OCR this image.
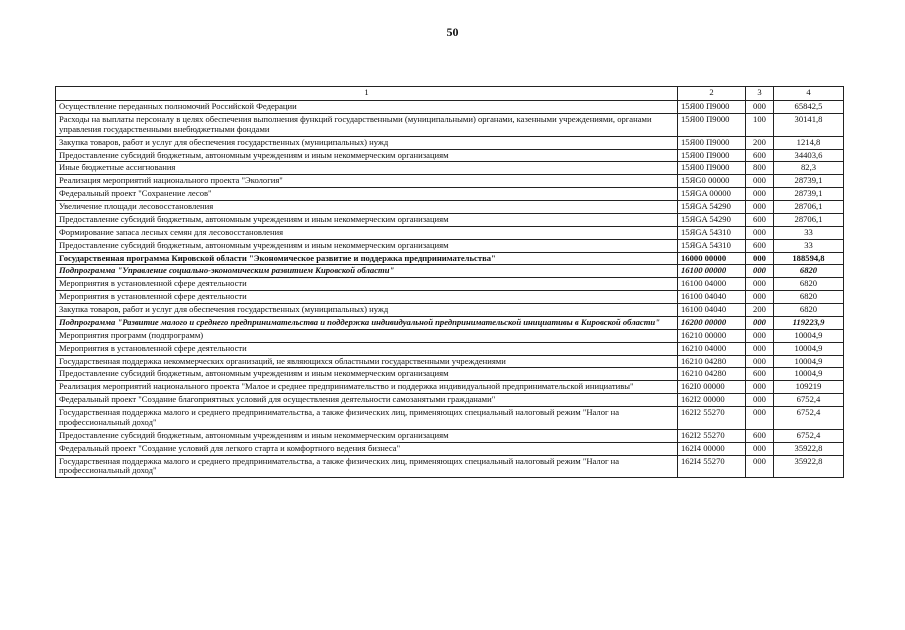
50
1	2	3	4
Осуществление переданных полномочий Российской Федерации	15Я00 П9000	000	65842,5
Расходы на выплаты персоналу в целях обеспечения выполнения функций государственными (муниципальными) органами, казенными учреждениями, органами управления государственными внебюджетными фондами	15Я00 П9000	100	30141,8
Закупка товаров, работ и услуг для обеспечения государственных (муниципальных) нужд	15Я00 П9000	200	1214,8
Предоставление субсидий бюджетным, автономным учреждениям и иным некоммерческим организациям	15Я00 П9000	600	34403,6
Иные бюджетные ассигнования	15Я00 П9000	800	82,3
Реализация мероприятий национального проекта "Экология"	15ЯG0 00000	000	28739,1
Федеральный проект "Сохранение лесов"	15ЯGA 00000	000	28739,1
Увеличение площади лесовосстановления	15ЯGA 54290	000	28706,1
Предоставление субсидий бюджетным, автономным учреждениям и иным некоммерческим организациям	15ЯGA 54290	600	28706,1
Формирование запаса лесных семян для лесовосстановления	15ЯGA 54310	000	33
Предоставление субсидий бюджетным, автономным учреждениям и иным некоммерческим организациям	15ЯGA 54310	600	33
Государственная программа Кировской области "Экономическое развитие и поддержка предпринимательства"	16000 00000	000	188594,8
Подпрограмма "Управление социально-экономическим развитием Кировской области"	16100 00000	000	6820
Мероприятия в установленной сфере деятельности	16100 04000	000	6820
Мероприятия в установленной сфере деятельности	16100 04040	000	6820
Закупка товаров, работ и услуг для обеспечения государственных (муниципальных) нужд	16100 04040	200	6820
Подпрограмма "Развитие малого и среднего предпринимательства и поддержка индивидуальной предпринимательской инициативы в Кировской области"	16200 00000	000	119223,9
Мероприятия программ (подпрограмм)	16210 00000	000	10004,9
Мероприятия в установленной сфере деятельности	16210 04000	000	10004,9
Государственная поддержка некоммерческих организаций, не являющихся областными государственными учреждениями	16210 04280	000	10004,9
Предоставление субсидий бюджетным, автономным учреждениям и иным некоммерческим организациям	16210 04280	600	10004,9
Реализация мероприятий национального проекта "Малое и среднее предпринимательство и поддержка индивидуальной предпринимательской инициативы"	162I0 00000	000	109219
Федеральный проект "Создание благоприятных условий для осуществления деятельности самозанятыми гражданами"	162I2 00000	000	6752,4
Государственная поддержка малого и среднего предпринимательства, а также физических лиц, применяющих специальный налоговый режим "Налог на профессиональный доход"	162I2 55270	000	6752,4
Предоставление субсидий бюджетным, автономным учреждениям и иным некоммерческим организациям	162I2 55270	600	6752,4
Федеральный проект "Создание условий для легкого старта и комфортного ведения бизнеса"	162I4 00000	000	35922,8
Государственная поддержка малого и среднего предпринимательства, а также физических лиц, применяющих специальный налоговый режим "Налог на профессиональный доход"	162I4 55270	000	35922,8
